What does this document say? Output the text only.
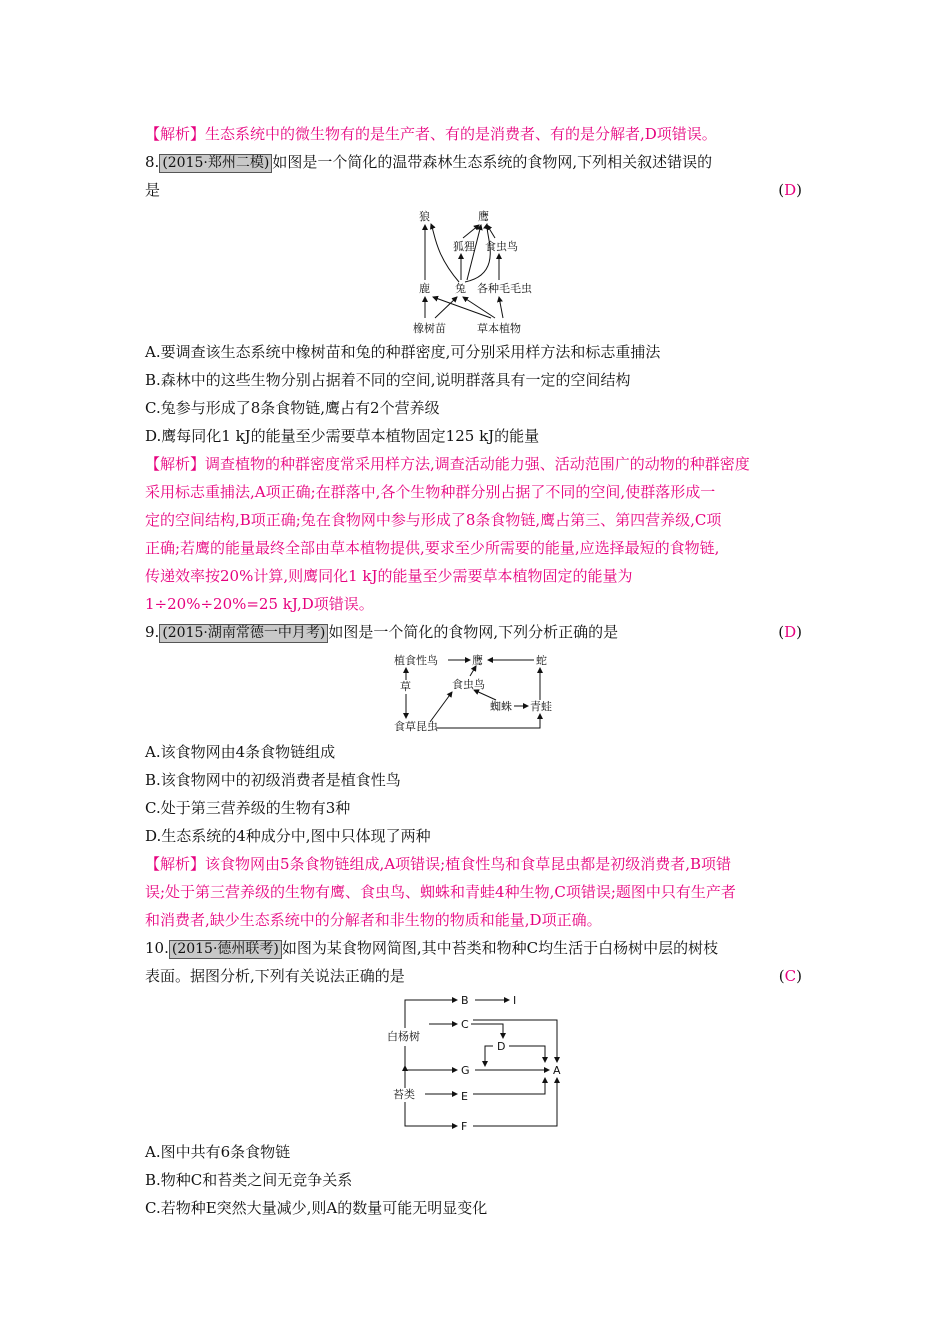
【解析】生态系统中的微生物有的是生产者、有的是消费者、有的是分解者,D项错误。
8. (2015·郑州二模) 如图是一个简化的温带森林生态系统的食物网,下列相关叙述错误的
是	(D)
狼	鹰
狐狸 食虫鸟
鹿 兔 各种毛毛虫
橡树苗	草本植物
A.要调查该生态系统中橡树苗和兔的种群密度,可分别采用样方法和标志重捕法
B.森林中的这些生物分别占据着不同的空间,说明群落具有一定的空间结构
C.兔参与形成了8条食物链,鹰占有2个营养级
D.鹰每同化1 kJ的能量至少需要草本植物固定125 kJ的能量
【解析】调查植物的种群密度常采用样方法,调查活动能力强、活动范围广的动物的种群密度
采用标志重捕法,A项正确;在群落中,各个生物种群分别占据了不同的空间,使群落形成一
定的空间结构,B项正确;兔在食物网中参与形成了8条食物链,鹰占第三、第四营养级,C项
正确;若鹰的能量最终全部由草本植物提供,要求至少所需要的能量,应选择最短的食物链,
传递效率按20%计算,则鹰同化1 kJ的能量至少需要草本植物固定的能量为
1÷20%÷20%=25 kJ,D项错误。
9. (2015·湖南常德一中月考) 如图是一个简化的食物网,下列分析正确的是	(D)
植食性鸟	鹰	蛇
草	食虫鸟
蜘蛛 青蛙
食草昆虫
A.该食物网由4条食物链组成
B.该食物网中的初级消费者是植食性鸟
C.处于第三营养级的生物有3种
D.生态系统的4种成分中,图中只体现了两种
【解析】该食物网由5条食物链组成,A项错误;植食性鸟和食草昆虫都是初级消费者,B项错
误;处于第三营养级的生物有鹰、食虫鸟、蜘蛛和青蛙4种生物,C项错误;题图中只有生产者
和消费者,缺少生态系统中的分解者和非生物的物质和能量,D项正确。
10. (2015·德州联考) 如图为某食物网简图,其中苔类和物种C均生活于白杨树中层的树枝
表面。据图分析,下列有关说法正确的是	(C)
白杨树
苔类
B	I
C
D
G	A
E
F
A.图中共有6条食物链
B.物种C和苔类之间无竞争关系
C.若物种E突然大量减少,则A的数量可能无明显变化
